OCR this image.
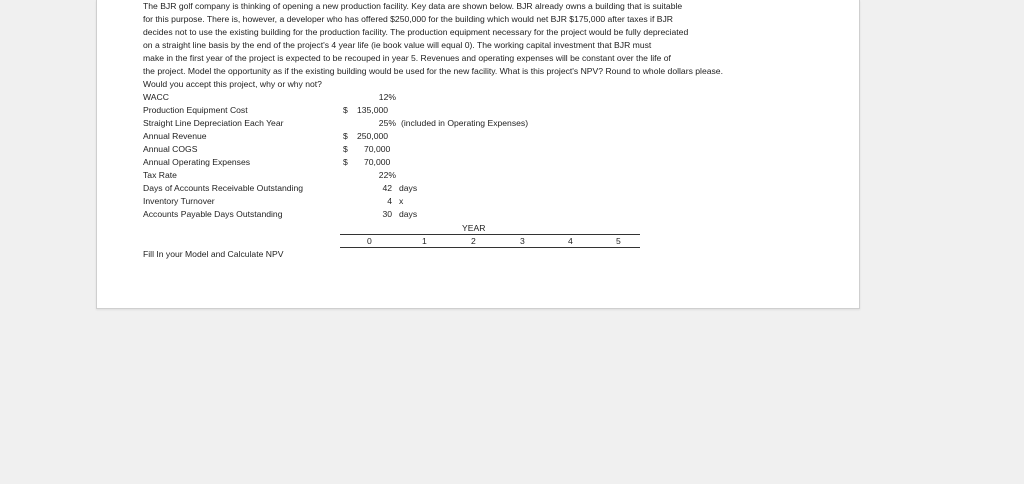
The BJR golf company is thinking of opening a new production facility. Key data are shown below. BJR already owns a building that is suitable
for this purpose. There is, however, a developer who has offered $250,000 for the building which would net BJR $175,000 after taxes if BJR
decides not to use the existing building for the production facility. The production equipment necessary for the project would be fully depreciated
on a straight line basis by the end of the project's 4 year life (ie book value will equal 0). The working capital investment that BJR must
make in the first year of the project is expected to be recouped in year 5. Revenues and operating expenses will be constant over the life of
the project. Model the opportunity as if the existing building would be used for the new facility. What is this project's NPV? Round to whole dollars please.
Would you accept this project, why or why not?
WACC	12%
Production Equipment Cost	$ 135,000
Straight Line Depreciation Each Year	25% (included in Operating Expenses)
Annual Revenue	$ 250,000
Annual COGS	$ 70,000
Annual Operating Expenses	$ 70,000
Tax Rate	22%
Days of Accounts Receivable Outstanding	42 days
Inventory Turnover	4 x
Accounts Payable Days Outstanding	30 days
YEAR
0	1	2	3	4	5
Fill In your Model and Calculate NPV
